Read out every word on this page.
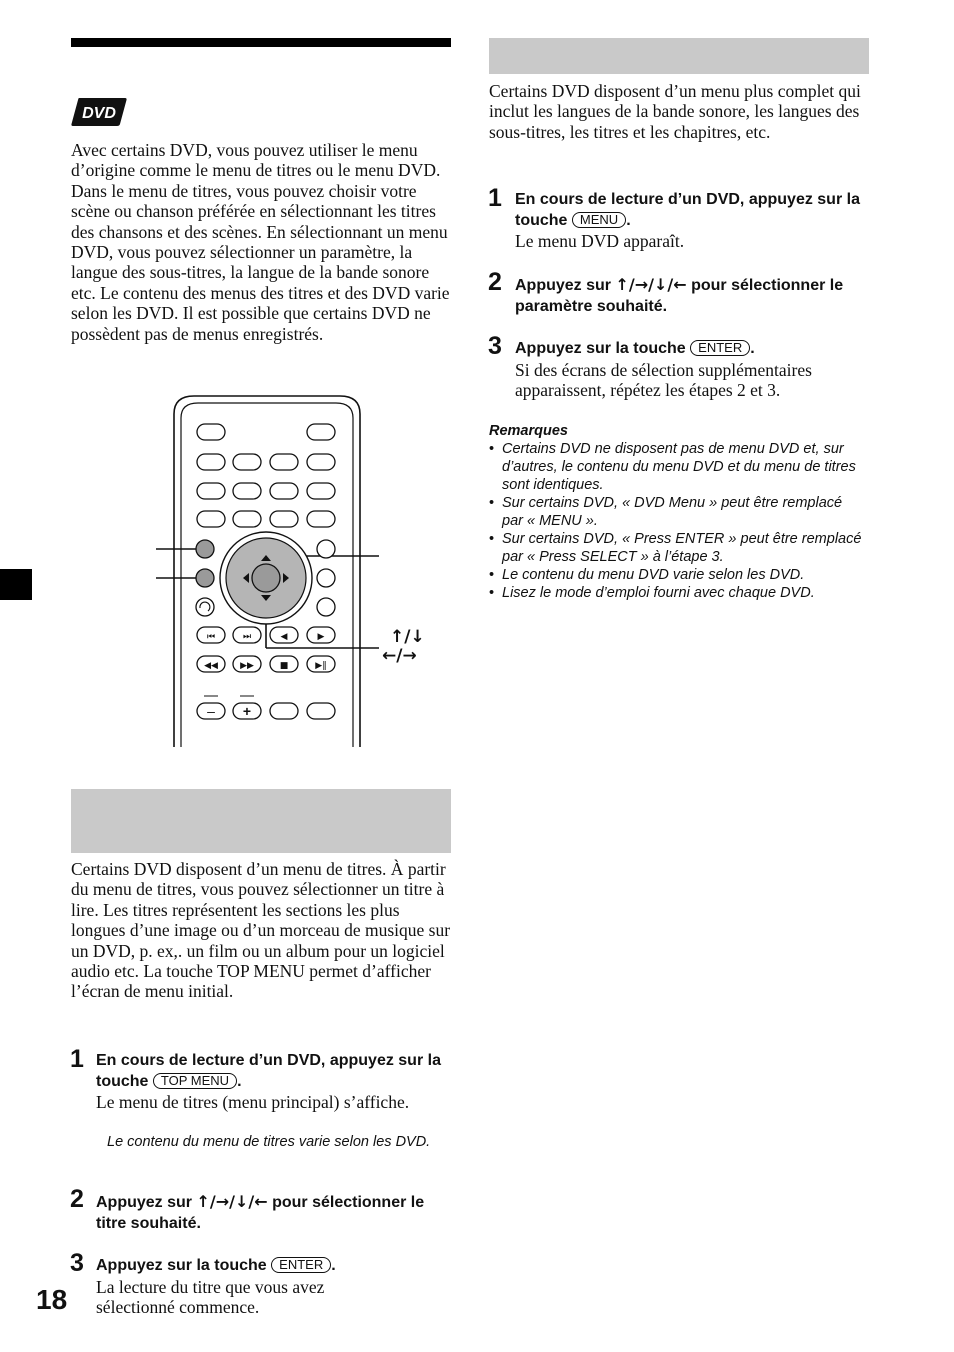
DVD

Avec certains DVD, vous pouvez utiliser le menu d’origine comme le menu de titres ou le menu DVD. Dans le menu de titres, vous pouvez choisir votre scène ou chanson préférée en sélectionnant les titres des chansons et des scènes. En sélectionnant un menu DVD, vous pouvez sélectionner un paramètre, la langue des sous-titres, la langue de la bande sonore etc. Le contenu des menus des titres et des DVD varie selon les DVD. Il est possible que certains DVD ne possèdent pas de menus enregistrés.

⏮	⏭	◀	▶
◀◀ ▶▶	■	▶‖
– +
↑/↓
←/→

Certains DVD disposent d’un menu de titres. À partir du menu de titres, vous pouvez sélectionner un titre à lire. Les titres représentent les sections les plus longues d’une image ou d’un morceau de musique sur un DVD, p. ex,. un film ou un album pour un logiciel audio etc. La touche TOP MENU permet d’afficher l’écran de menu initial.

1 En cours de lecture d’un DVD, appuyez sur la touche TOP MENU .
Le menu de titres (menu principal) s’affiche.
Le contenu du menu de titres varie selon les DVD.
2 Appuyez sur ↑/→/↓/← pour sélectionner le titre souhaité.
3 Appuyez sur la touche ENTER .
La lecture du titre que vous avez sélectionné commence.
18

Certains DVD disposent d’un menu plus complet qui inclut les langues de la bande sonore, les langues des sous-titres, les titres et les chapitres, etc.

1 En cours de lecture d’un DVD, appuyez sur la touche MENU .
Le menu DVD apparaît.
2 Appuyez sur ↑/→/↓/← pour sélectionner le paramètre souhaité.
3 Appuyez sur la touche ENTER .
Si des écrans de sélection supplémentaires apparaissent, répétez les étapes 2 et 3.
Remarques
• Certains DVD ne disposent pas de menu DVD et, sur d’autres, le contenu du menu DVD et du menu de titres sont identiques.
• Sur certains DVD, « DVD Menu » peut être remplacé par « MENU ».
• Sur certains DVD, « Press ENTER » peut être remplacé par « Press SELECT » à l’étape 3.
• Le contenu du menu DVD varie selon les DVD.
• Lisez le mode d’emploi fourni avec chaque DVD.
